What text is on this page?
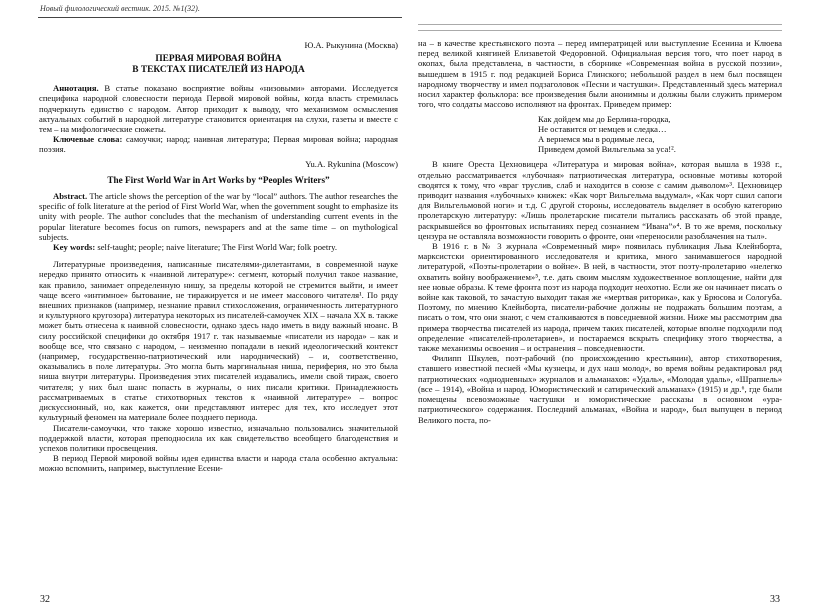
Новый филологический вестник. 2015. №1(32).
Ю.А. Рыкунина (Москва)
ПЕРВАЯ МИРОВАЯ ВОЙНА
В ТЕКСТАХ ПИСАТЕЛЕЙ ИЗ НАРОДА

Аннотация. В статье показано восприятие войны «низовыми» авторами. Исследуется специфика народной словесности периода Первой мировой войны, когда власть стремилась подчеркнуть единство с народом. Автор приходит к выводу, что механизмом осмысления актуальных событий в народной литературе становится ориентация на слухи, газеты и вместе с тем – на мифологические сюжеты.

Ключевые слова: самоучки; народ; наивная литература; Первая мировая война; народная поэзия.

Yu.A. Rykunina (Moscow)
The First World War in Art Works by “Peoples Writers”

Abstract. The article shows the perception of the war by “local” authors. The author researches the specific of folk literature at the period of First World War, when the government sought to emphasize its unity with people. The author concludes that the mechanism of understanding current events in the popular literature becomes focus on rumors, newspapers and at the same time – on mythological subjects.

Key words: self-taught; people; naive literature; The First World War; folk poetry.

Литературные произведения, написанные писателями-дилетантами, в современной науке нередко принято относить к «наивной литературе»: сегмент, который получил такое название, как правило, занимает определенную нишу, за пределы которой не стремится выйти, и имеет чаще всего «интимное» бытование, не тиражируется и не имеет массового читателя¹. По ряду внешних признаков (например, незнание правил стихосложения, ограниченность литературного и культурного кругозора) литература некоторых из писателей-самоучек XIX – начала XX в. также может быть отнесена к наивной словесности, однако здесь надо иметь в виду важный нюанс. В силу российской специфики до октября 1917 г. так называемые «писатели из народа» – как и вообще все, что связано с народом, – неизменно попадали в некий идеологический контекст (например, государственно-патриотический или народнический) – и, соответственно, оказывались в поле литературы. Это могла быть маргинальная ниша, периферия, но это была ниша внутри литературы. Произведения этих писателей издавались, имели свой тираж, своего читателя; у них был шанс попасть в журналы, о них писали критики. Принадлежность рассматриваемых в статье стихотворных текстов к «наивной литературе» – вопрос дискуссионный, но, как кажется, они представляют интерес для тех, кто исследует этот культурный феномен на материале более позднего периода.

Писатели-самоучки, что также хорошо известно, изначально пользовались значительной поддержкой власти, которая преподносила их как свидетельство всеобщего благоденствия и успехов политики просвещения.

В период Первой мировой войны идея единства власти и народа стала особенно актуальна: можно вспомнить, например, выступление Есени-

32

на – в качестве крестьянского поэта – перед императрицей или выступление Есенина и Клюева перед великой княгиней Елизаветой Федоровной. Официальная версия того, что поет народ в окопах, была представлена, в частности, в сборнике «Современная война в русской поэзии», вышедшем в 1915 г. под редакцией Бориса Глинского; небольшой раздел в нем был посвящен народному творчеству и имел подзаголовок «Песни и частушки». Представленный здесь материал носил характер фольклора: все произведения были анонимны и должны были служить примером того, что солдаты массово исполняют на фронтах. Приведем пример:

Как дойдем мы до Берлина-городка,
Не оставится от немцев и следка…
А вернемся мы в родимые леса,
Приведем домой Вильгельма за уса!².

В книге Ореста Цехновицера «Литература и мировая война», которая вышла в 1938 г., отдельно рассматривается «лубочная» патриотическая литература, основные мотивы которой сводятся к тому, что «враг труслив, слаб и находится в союзе с самим дьяволом»³. Цехновицер приводит названия «лубочных» книжек: «Как чорт Вильгельма выдумал», «Как чорт сшил сапоги для Вильгельмовой ноги» и т.д. С другой стороны, исследователь выделяет в особую категорию пролетарскую литературу: «Лишь пролетарские писатели пытались рассказать об этой правде, раскрывшейся во фронтовых испытаниях перед сознанием “Ивана”»⁴. В то же время, поскольку цензура не оставляла возможности говорить о фронте, они «переносили разоблачения на тыл».

В 1916 г. в № 3 журнала «Современный мир» появилась публикация Льва Клейнборта, марксистски ориентированного исследователя и критика, много занимавшегося народной литературой, «Поэты-пролетарии о войне». В ней, в частности, этот поэту-пролетарию «нелегко охватить войну воображением»⁵, т.е. дать своим мыслям художественное воплощение, найти для нее новые образы. К теме фронта поэт из народа подходит неохотно. Если же он начинает писать о войне как таковой, то зачастую выходит такая же «мертвая риторика», как у Брюсова и Сологуба. Поэтому, по мнению Клейнборта, писатели-рабочие должны не подражать большим поэтам, а писать о том, что они знают, с чем сталкиваются в повседневной жизни. Ниже мы рассмотрим два примера творчества писателей из народа, причем таких писателей, которые вполне подходили под определение «писателей-пролетариев», и постараемся вскрыть специфику этого творчества, а также механизмы освоения – и остранения – повседневности.

Филипп Шкулев, поэт-рабочий (по происхождению крестьянин), автор стихотворения, ставшего известной песней «Мы кузнецы, и дух наш молод», во время войны редактировал ряд патриотических «однодневных» журналов и альманахов: «Удаль», «Молодая удаль», «Шрапнель» (все – 1914), «Война и народ. Юмористический и сатирический альманах» (1915) и др.⁶, где были помещены всевозможные частушки и юмористические рассказы в основном «ура-патриотического» содержания. Последний альманах, «Война и народ», был выпущен в период Великого поста, по-

33
